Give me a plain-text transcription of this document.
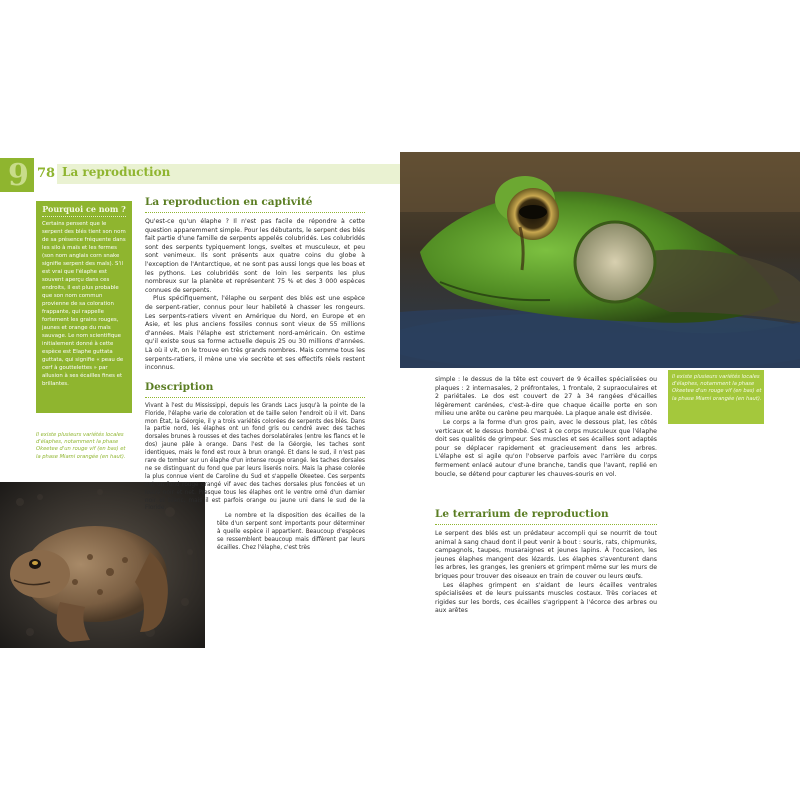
9 78 La reproduction
Pourquoi ce nom ?
Certains pensent que le serpent des blés tient son nom de sa présence fréquente dans les silo à maïs et les fermes (son nom anglais corn snake signifie serpent des maïs). S'il est vrai que l'élaphe est souvent aperçu dans ces endroits, il est plus probable que son nom commun provienne de sa coloration frappante, qui rappelle fortement les grains rouges, jaunes et orange du maïs sauvage. Le nom scientifique initialement donné à cette espèce est Elaphe guttata guttata, qui signifie « peau de cerf à gouttelettes » par allusion à ses écailles fines et brillantes.
Il existe plusieurs variétés locales d'élaphes, notamment la phase Okeetee d'un rouge vif (en bas) et la phase Miami orangée (en haut).
La reproduction en captivité

Qu'est-ce qu'un élaphe ? Il n'est pas facile de répondre à cette question apparemment simple. Pour les débutants, le serpent des blés fait partie d'une famille de serpents appelés colubridés. Les colubridés sont des serpents typiquement longs, sveltes et musculeux, et peu sont venimeux. Ils sont présents aux quatre coins du globe à l'exception de l'Antarctique, et ne sont pas aussi longs que les boas et les pythons. Les colubridés sont de loin les serpents les plus nombreux sur la planète et représentent 75 % et des 3 000 espèces connues de serpents.

Plus spécifiquement, l'élaphe ou serpent des blés est une espèce de serpent-ratier, connus pour leur habileté à chasser les rongeurs. Les serpents-ratiers vivent en Amérique du Nord, en Europe et en Asie, et les plus anciens fossiles connus sont vieux de 55 millions d'années. Mais l'élaphe est strictement nord-américain. On estime qu'il existe sous sa forme actuelle depuis 25 ou 30 millions d'années. Là où il vit, on le trouve en très grands nombres. Mais comme tous les serpents-ratiers, il mène une vie secrète et ses effectifs réels restent inconnus.

Description

Vivant à l'est du Mississippi, depuis les Grands Lacs jusqu'à la pointe de la Floride, l'élaphe varie de coloration et de taille selon l'endroit où il vit. Dans mon État, la Géorgie, il y a trois variétés colorées de serpents des blés. Dans la partie nord, les élaphes ont un fond gris ou cendré avec des taches dorsales brunes à rousses et des taches dorsolatérales (entre les flancs et le dos) jaune pâle à orange. Dans l'est de la Géorgie, les taches sont identiques, mais le fond est roux à brun orangé. Et dans le sud, il n'est pas rare de tomber sur un élaphe d'un intense rouge orangé. les taches dorsales ne se distinguant du fond que par leurs liserés noirs. Mais la phase colorée la plus connue vient de Caroline du Sud et s'appelle Okeetee. Ces serpents ont un fond rouge orangé vif avec des taches dorsales plus foncées et un liseré noir et net. Presque tous les élaphes ont le ventre orné d'un damier noir et blanc, mais il est parfois orange ou jaune uni dans le sud de la Floride.

Le nombre et la disposition des écailles de la tête d'un serpent sont importants pour déterminer à quelle espèce il appartient. Beaucoup d'espèces se ressemblent beaucoup mais diffèrent par leurs écailles. Chez l'élaphe, c'est très

Il existe plusieurs variétés locales d'élaphes, notamment la phase Okeetee d'un rouge vif (en bas) et la phase Miami orangée (en haut).

simple : le dessus de la tête est couvert de 9 écailles spécialisées ou plaques : 2 internasales, 2 préfrontales, 1 frontale, 2 supraoculaires et 2 pariétales. Le dos est couvert de 27 à 34 rangées d'écailles légèrement carénées, c'est-à-dire que chaque écaille porte en son milieu une arête ou carène peu marquée. La plaque anale est divisée.

Le corps a la forme d'un gros pain, avec le dessous plat, les côtés verticaux et le dessus bombé. C'est à ce corps musculeux que l'élaphe doit ses qualités de grimpeur. Ses muscles et ses écailles sont adaptés pour se déplacer rapidement et gracieusement dans les arbres. L'élaphe est si agile qu'on l'observe parfois avec l'arrière du corps fermement enlacé autour d'une branche, tandis que l'avant, replié en boucle, se détend pour capturer les chauves-souris en vol.

Le terrarium de reproduction

Le serpent des blés est un prédateur accompli qui se nourrit de tout animal à sang chaud dont il peut venir à bout : souris, rats, chipmunks, campagnols, taupes, musaraignes et jeunes lapins. À l'occasion, les jeunes élaphes mangent des lézards. Les élaphes s'aventurent dans les arbres, les granges, les greniers et grimpent même sur les murs de briques pour trouver des oiseaux en train de couver ou leurs œufs.

Les élaphes grimpent en s'aidant de leurs écailles ventrales spécialisées et de leurs puissants muscles costaux. Très coriaces et rigides sur les bords, ces écailles s'agrippent à l'écorce des arbres ou aux arêtes
